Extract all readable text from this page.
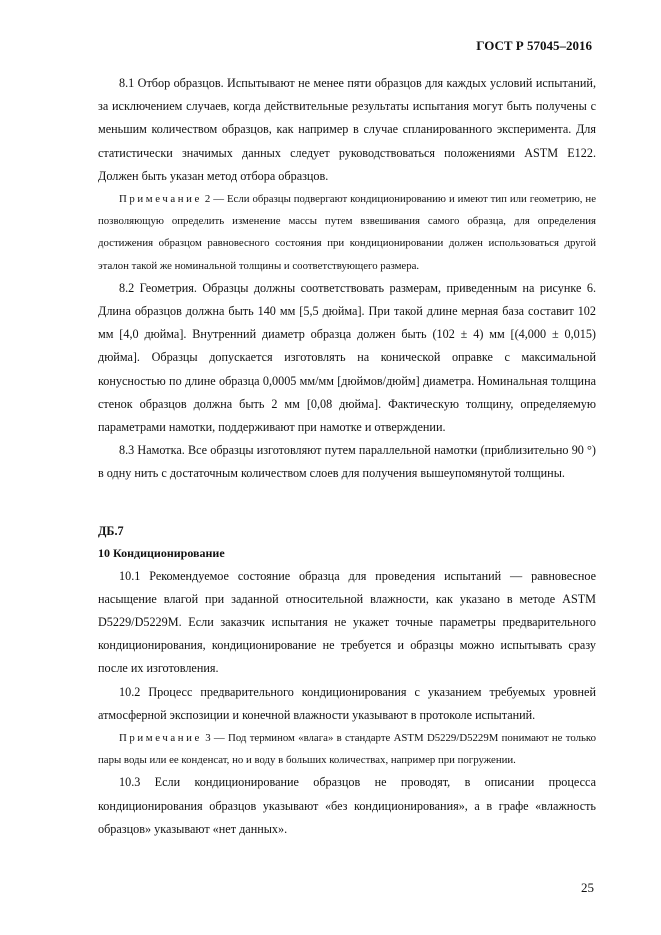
ГОСТ Р 57045–2016

8.1 Отбор образцов. Испытывают не менее пяти образцов для каждых условий испытаний, за исключением случаев, когда действительные результаты испытания могут быть получены с меньшим количеством образцов, как например в случае спланированного эксперимента. Для статистически значимых данных следует руководствоваться положениями ASTM E122. Должен быть указан метод отбора образцов.

Примечание 2 — Если образцы подвергают кондиционированию и имеют тип или геометрию, не позволяющую определить изменение массы путем взвешивания самого образца, для определения достижения образцом равновесного состояния при кондиционировании должен использоваться другой эталон такой же номинальной толщины и соответствующего размера.

8.2 Геометрия. Образцы должны соответствовать размерам, приведенным на рисунке 6. Длина образцов должна быть 140 мм [5,5 дюйма]. При такой длине мерная база составит 102 мм [4,0 дюйма]. Внутренний диаметр образца должен быть (102 ± 4) мм [(4,000 ± 0,015) дюйма]. Образцы допускается изготовлять на конической оправке с максимальной конусностью по длине образца 0,0005 мм/мм [дюймов/дюйм] диаметра. Номинальная толщина стенок образцов должна быть 2 мм [0,08 дюйма]. Фактическую толщину, определяемую параметрами намотки, поддерживают при намотке и отверждении.

8.3 Намотка. Все образцы изготовляют путем параллельной намотки (приблизительно 90 °) в одну нить с достаточным количеством слоев для получения вышеупомянутой толщины.

ДБ.7

10 Кондиционирование

10.1 Рекомендуемое состояние образца для проведения испытаний — равновесное насыщение влагой при заданной относительной влажности, как указано в методе ASTM D5229/D5229M. Если заказчик испытания не укажет точные параметры предварительного кондиционирования, кондиционирование не требуется и образцы можно испытывать сразу после их изготовления.

10.2 Процесс предварительного кондиционирования с указанием требуемых уровней атмосферной экспозиции и конечной влажности указывают в протоколе испытаний.

Примечание 3 — Под термином «влага» в стандарте ASTM D5229/D5229M понимают не только пары воды или ее конденсат, но и воду в больших количествах, например при погружении.

10.3 Если кондиционирование образцов не проводят, в описании процесса кондиционирования образцов указывают «без кондиционирования», а в графе «влажность образцов» указывают «нет данных».

25
